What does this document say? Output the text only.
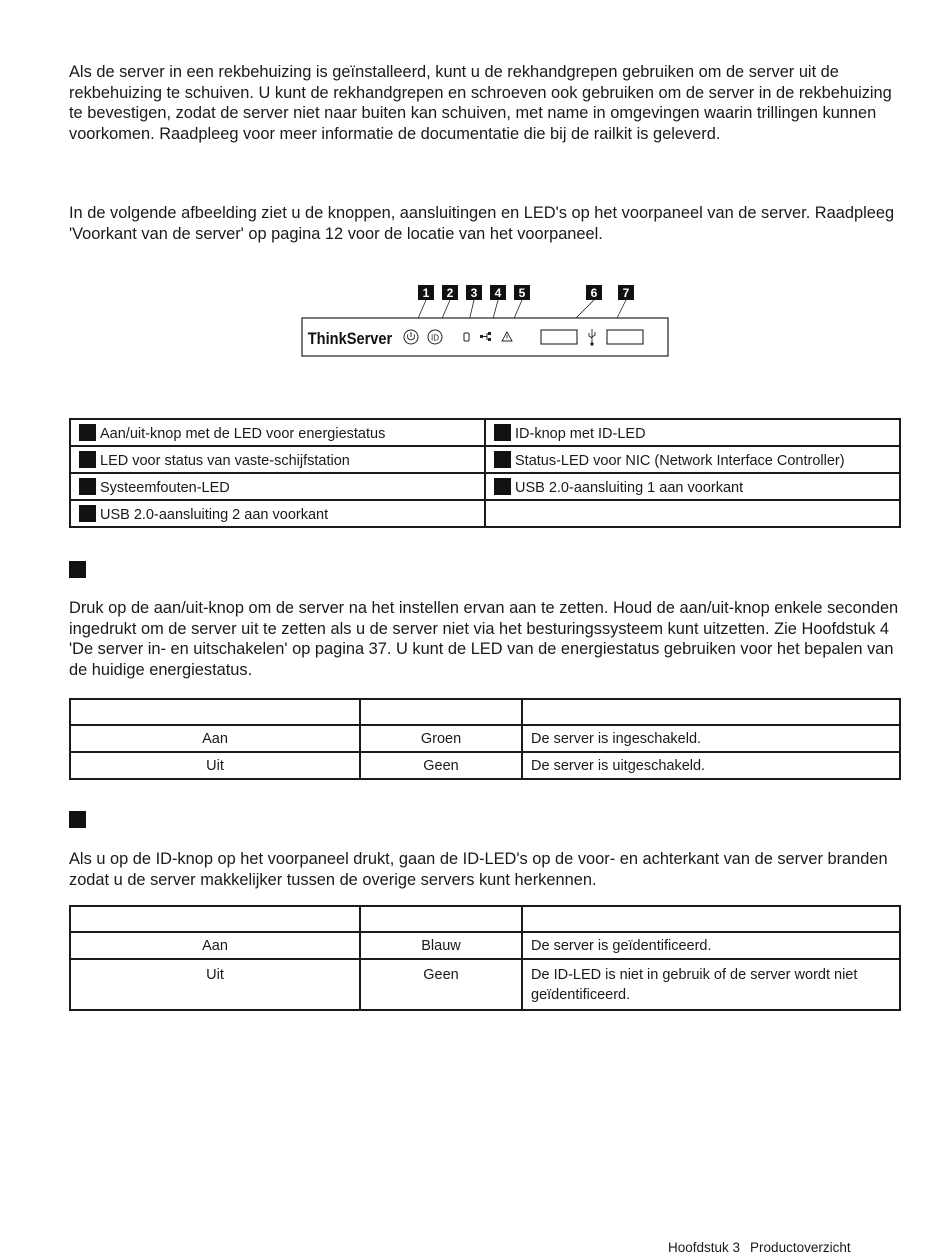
Als de server in een rekbehuizing is geïnstalleerd, kunt u de rekhandgrepen gebruiken om de server uit de rekbehuizing te schuiven. U kunt de rekhandgrepen en schroeven ook gebruiken om de server in de rekbehuizing te bevestigen, zodat de server niet naar buiten kan schuiven, met name in omgevingen waarin trillingen kunnen voorkomen. Raadpleeg voor meer informatie de documentatie die bij de railkit is geleverd.

In de volgende afbeelding ziet u de knoppen, aansluitingen en LED's op het voorpaneel van de server. Raadpleeg 'Voorkant van de server' op pagina 12 voor de locatie van het voorpaneel.

1 2 3 4 5	6 7
ThinkServer	ID
Aan/uit-knop met de LED voor energiestatus	ID-knop met ID-LED
LED voor status van vaste-schijfstation	Status-LED voor NIC (Network Interface Controller)
Systeemfouten-LED	USB 2.0-aansluiting 1 aan voorkant
USB 2.0-aansluiting 2 aan voorkant	

Druk op de aan/uit-knop om de server na het instellen ervan aan te zetten. Houd de aan/uit-knop enkele seconden ingedrukt om de server uit te zetten als u de server niet via het besturingssysteem kunt uitzetten. Zie Hoofdstuk 4 'De server in- en uitschakelen' op pagina 37. U kunt de LED van de energiestatus gebruiken voor het bepalen van de huidige energiestatus.

Aan	Groen	De server is ingeschakeld.
Uit	Geen	De server is uitgeschakeld.

Als u op de ID-knop op het voorpaneel drukt, gaan de ID-LED's op de voor- en achterkant van de server branden zodat u de server makkelijker tussen de overige servers kunt herkennen.

Aan	Blauw	De server is geïdentificeerd.
Uit	Geen	De ID-LED is niet in gebruik of de server wordt niet geïdentificeerd.
Hoofdstuk 3 Productoverzicht
